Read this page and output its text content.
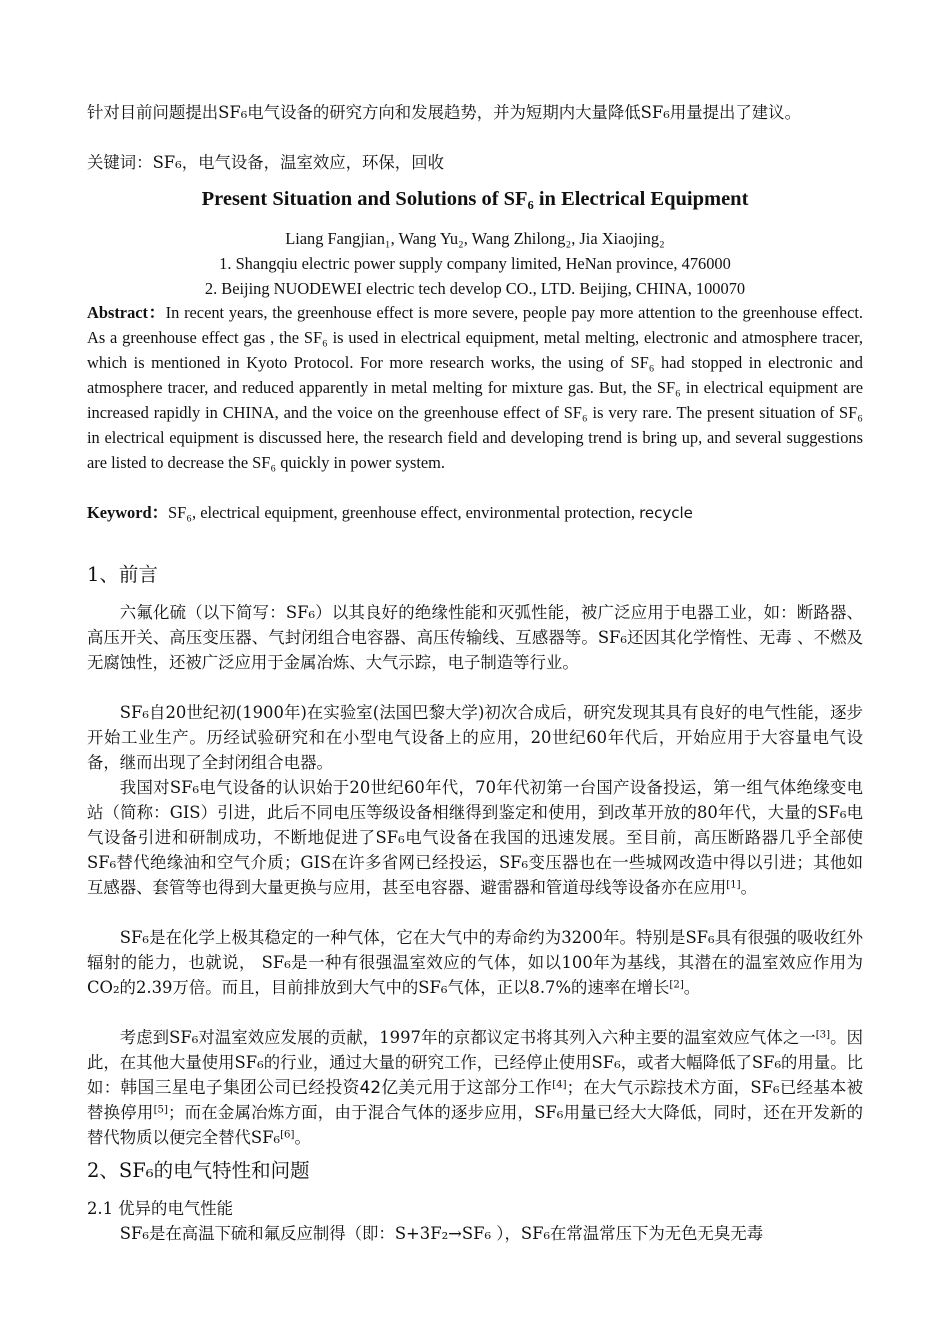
针对目前问题提出SF₆电气设备的研究方向和发展趋势，并为短期内大量降低SF₆用量提出了建议。

关键词：SF₆，电气设备，温室效应，环保，回收

Present Situation and Solutions of SF₆ in Electrical Equipment

Liang Fangjian₁, Wang Yu₂, Wang Zhilong₂, Jia Xiaojing₂

1. Shangqiu electric power supply company limited, HeNan province, 476000

2. Beijing NUODEWEI electric tech develop CO., LTD. Beijing, CHINA, 100070

Abstract：In recent years, the greenhouse effect is more severe, people pay more attention to the greenhouse effect. As a greenhouse effect gas , the SF₆ is used in electrical equipment, metal melting, electronic and atmosphere tracer, which is mentioned in Kyoto Protocol. For more research works, the using of SF₆ had stopped in electronic and atmosphere tracer, and reduced apparently in metal melting for mixture gas. But, the SF₆ in electrical equipment are increased rapidly in CHINA, and the voice on the greenhouse effect of SF₆ is very rare. The present situation of SF₆ in electrical equipment is discussed here, the research field and developing trend is bring up, and several suggestions are listed to decrease the SF₆ quickly in power system.

Keyword：SF₆, electrical equipment, greenhouse effect, environmental protection, recycle

1、前言

六氟化硫（以下简写：SF₆）以其良好的绝缘性能和灭弧性能，被广泛应用于电器工业，如：断路器、高压开关、高压变压器、气封闭组合电容器、高压传输线、互感器等。SF₆还因其化学惰性、无毒 、不燃及无腐蚀性，还被广泛应用于金属冶炼、大气示踪，电子制造等行业。

SF₆自20世纪初(1900年)在实验室(法国巴黎大学)初次合成后，研究发现其具有良好的电气性能，逐步开始工业生产。历经试验研究和在小型电气设备上的应用，20世纪60年代后，开始应用于大容量电气设备，继而出现了全封闭组合电器。

我国对SF₆电气设备的认识始于20世纪60年代，70年代初第一台国产设备投运，第一组气体绝缘变电站（简称：GIS）引进，此后不同电压等级设备相继得到鉴定和使用，到改革开放的80年代，大量的SF₆电气设备引进和研制成功，不断地促进了SF₆电气设备在我国的迅速发展。至目前，高压断路器几乎全部使SF₆替代绝缘油和空气介质；GIS在许多省网已经投运，SF₆变压器也在一些城网改造中得以引进；其他如互感器、套管等也得到大量更换与应用，甚至电容器、避雷器和管道母线等设备亦在应用[1]。

SF₆是在化学上极其稳定的一种气体，它在大气中的寿命约为3200年。特别是SF₆具有很强的吸收红外辐射的能力，也就说， SF₆是一种有很强温室效应的气体，如以100年为基线，其潜在的温室效应作用为CO₂的2.39万倍。而且，目前排放到大气中的SF₆气体，正以8.7%的速率在增长[2]。

考虑到SF₆对温室效应发展的贡献，1997年的京都议定书将其列入六种主要的温室效应气体之一[3]。因此，在其他大量使用SF₆的行业，通过大量的研究工作，已经停止使用SF₆，或者大幅降低了SF₆的用量。比如：韩国三星电子集团公司已经投资42亿美元用于这部分工作[4]；在大气示踪技术方面，SF₆已经基本被替换停用[5]；而在金属冶炼方面，由于混合气体的逐步应用，SF₆用量已经大大降低，同时，还在开发新的替代物质以便完全替代SF₆[6]。

2、SF₆的电气特性和问题

2.1 优异的电气性能

SF₆是在高温下硫和氟反应制得（即：S+3F₂→SF₆ ），SF₆在常温常压下为无色无臭无毒
